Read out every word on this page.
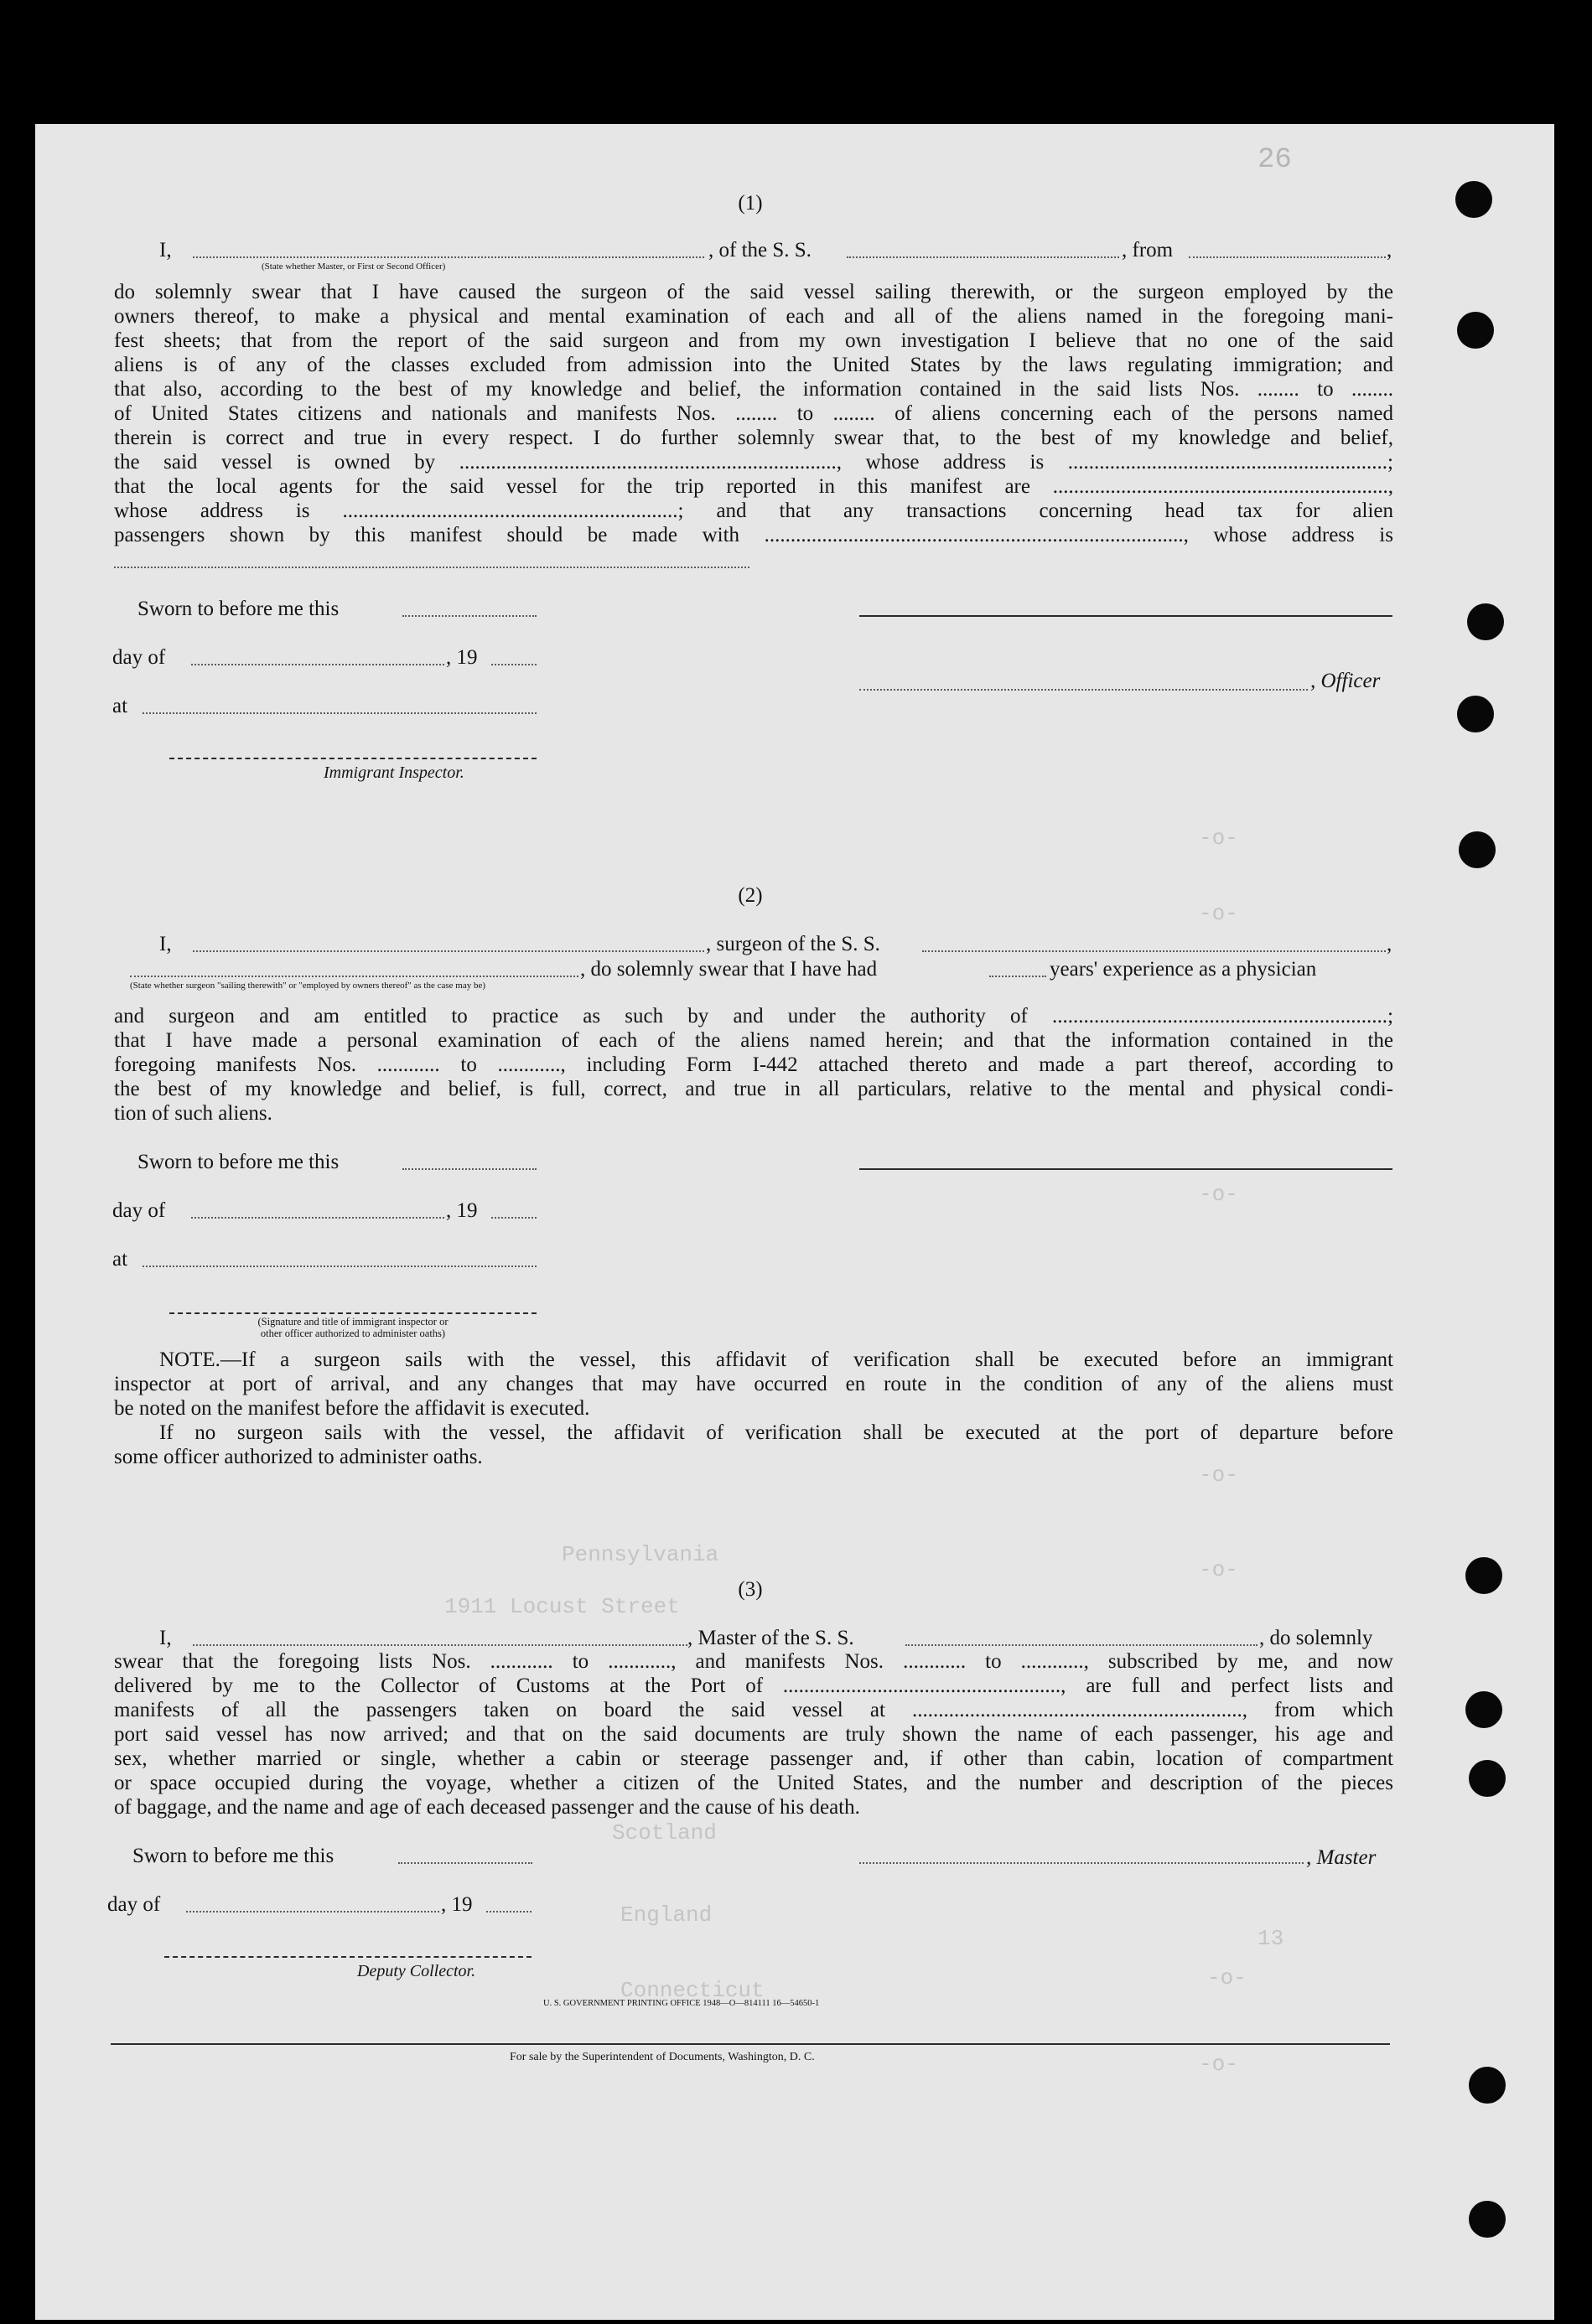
-o-
-o-
-o-
-o-
Scotland
England
Connecticut	-o-
13
Pennsylvania
1911 Locust Street
-o-
-o-
26
(1)
I,	, of the S. S.	, from	,
(State whether Master, or First or Second Officer)
do solemnly swear that I have caused the surgeon of the said vessel sailing therewith, or the surgeon employed by the
owners thereof, to make a physical and mental examination of each and all of the aliens named in the foregoing mani-
fest sheets; that from the report of the said surgeon and from my own investigation I believe that no one of the said
aliens is of any of the classes excluded from admission into the United States by the laws regulating immigration; and
that also, according to the best of my knowledge and belief, the information contained in the said lists Nos. ........ to ........
of United States citizens and nationals and manifests Nos. ........ to ........ of aliens concerning each of the persons named
therein is correct and true in every respect. I do further solemnly swear that, to the best of my knowledge and belief,
the said vessel is owned by ........................................................................, whose address is .............................................................;
that the local agents for the said vessel for the trip reported in this manifest are ................................................................,
whose address is ................................................................; and that any transactions concerning head tax for alien
passengers shown by this manifest should be made with ................................................................................, whose address is
Sworn to before me this
day of	, 19
, Officer
at
Immigrant Inspector.
(2)
I,	, surgeon of the S. S.	,
, do solemnly swear that I have had	years' experience as a physician
(State whether surgeon "sailing therewith" or "employed by owners thereof" as the case may be)
and surgeon and am entitled to practice as such by and under the authority of ................................................................;
that I have made a personal examination of each of the aliens named herein; and that the information contained in the
foregoing manifests Nos. ............ to ............, including Form I-442 attached thereto and made a part thereof, according to
the best of my knowledge and belief, is full, correct, and true in all particulars, relative to the mental and physical condi-
tion of such aliens.
Sworn to before me this
day of	, 19
at
(Signature and title of immigrant inspector or
other officer authorized to administer oaths)
NOTE.—If a surgeon sails with the vessel, this affidavit of verification shall be executed before an immigrant
inspector at port of arrival, and any changes that may have occurred en route in the condition of any of the aliens must
be noted on the manifest before the affidavit is executed.
If no surgeon sails with the vessel, the affidavit of verification shall be executed at the port of departure before
some officer authorized to administer oaths.
(3)
I,	, Master of the S. S.	, do solemnly
swear that the foregoing lists Nos. ............ to ............, and manifests Nos. ............ to ............, subscribed by me, and now
delivered by me to the Collector of Customs at the Port of ....................................................., are full and perfect lists and
manifests of all the passengers taken on board the said vessel at ..............................................................., from which
port said vessel has now arrived; and that on the said documents are truly shown the name of each passenger, his age and
sex, whether married or single, whether a cabin or steerage passenger and, if other than cabin, location of compartment
or space occupied during the voyage, whether a citizen of the United States, and the number and description of the pieces
of baggage, and the name and age of each deceased passenger and the cause of his death.
Sworn to before me this	, Master
day of	, 19
Deputy Collector.
U. S. GOVERNMENT PRINTING OFFICE 1948—O—814111 16—54650-1
For sale by the Superintendent of Documents, Washington, D. C.
